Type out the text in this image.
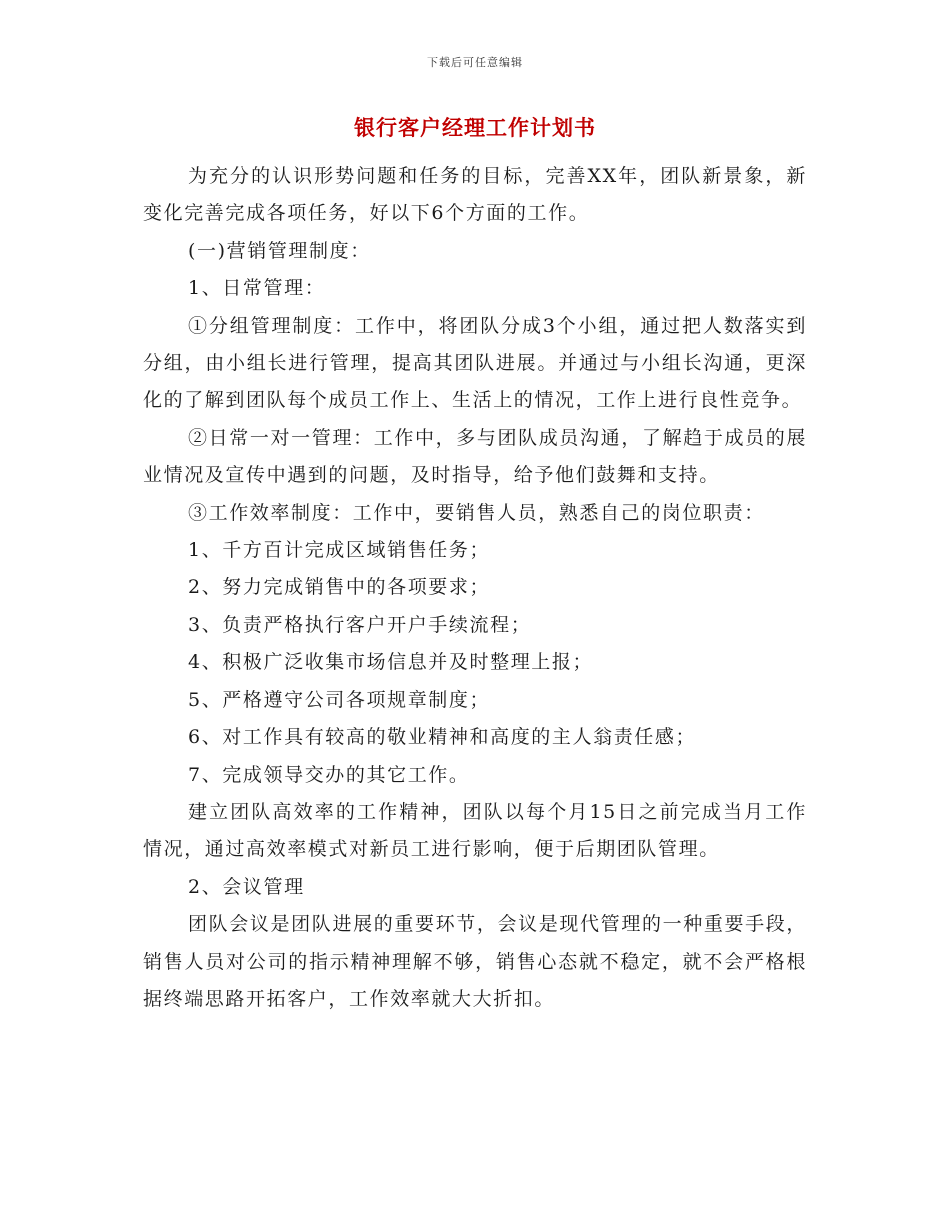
下载后可任意编辑
银行客户经理工作计划书

为充分的认识形势问题和任务的目标，完善XX年，团队新景象，新变化完善完成各项任务，好以下6个方面的工作。

(一)营销管理制度：

1、日常管理：

①分组管理制度：工作中，将团队分成3个小组，通过把人数落实到分组，由小组长进行管理，提高其团队进展。并通过与小组长沟通，更深化的了解到团队每个成员工作上、生活上的情况，工作上进行良性竞争。

②日常一对一管理：工作中，多与团队成员沟通，了解趋于成员的展业情况及宣传中遇到的问题，及时指导，给予他们鼓舞和支持。

③工作效率制度：工作中，要销售人员，熟悉自己的岗位职责：

1、千方百计完成区域销售任务；

2、努力完成销售中的各项要求；

3、负责严格执行客户开户手续流程；

4、积极广泛收集市场信息并及时整理上报；

5、严格遵守公司各项规章制度；

6、对工作具有较高的敬业精神和高度的主人翁责任感；

7、完成领导交办的其它工作。

建立团队高效率的工作精神，团队以每个月15日之前完成当月工作情况，通过高效率模式对新员工进行影响，便于后期团队管理。

2、会议管理

团队会议是团队进展的重要环节，会议是现代管理的一种重要手段，销售人员对公司的指示精神理解不够，销售心态就不稳定，就不会严格根据终端思路开拓客户，工作效率就大大折扣。
